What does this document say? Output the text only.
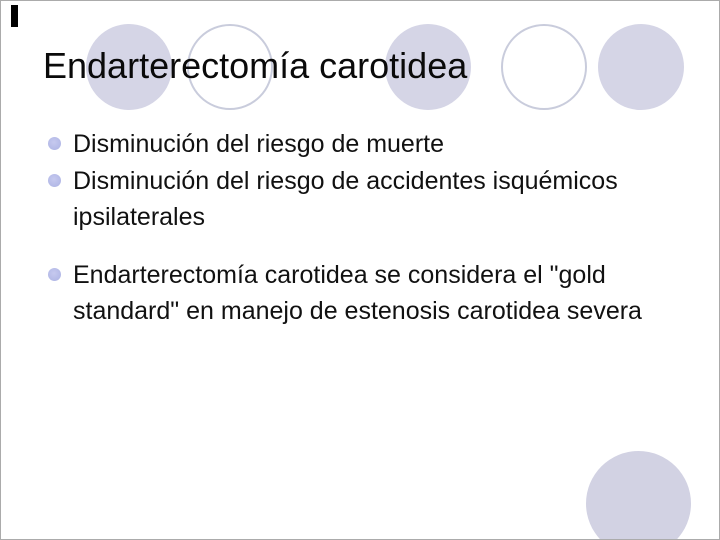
Endarterectomía carotidea
Disminución del riesgo de muerte
Disminución del riesgo de accidentes isquémicos
ipsilaterales
Endarterectomía carotidea se considera el "gold
standard" en manejo de estenosis carotidea severa
